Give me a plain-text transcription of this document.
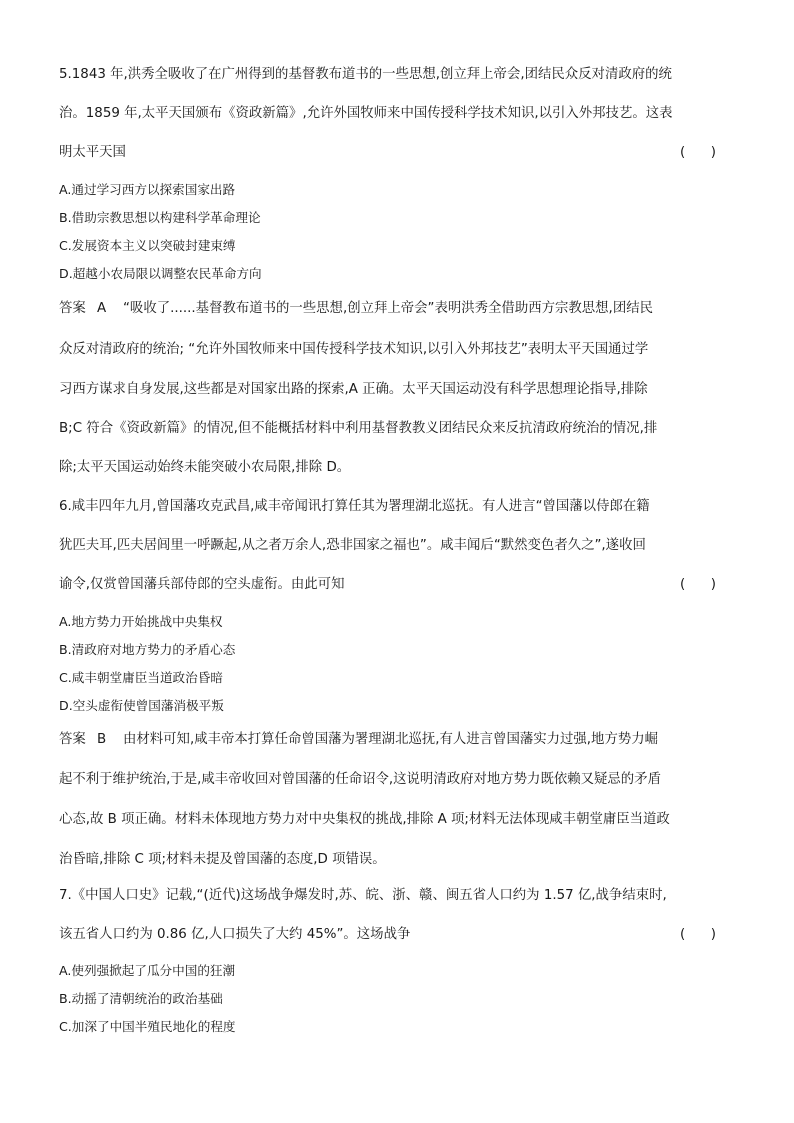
5.1843 年,洪秀全吸收了在广州得到的基督教布道书的一些思想,创立拜上帝会,团结民众反对清政府的统
治。1859 年,太平天国颁布《资政新篇》,允许外国牧师来中国传授科学技术知识,以引入外邦技艺。这表
明太平天国	(      )
A.通过学习西方以探索国家出路
B.借助宗教思想以构建科学革命理论
C.发展资本主义以突破封建束缚
D.超越小农局限以调整农民革命方向
答案 A “吸收了......基督教布道书的一些思想,创立拜上帝会”表明洪秀全借助西方宗教思想,团结民
众反对清政府的统治; “允许外国牧师来中国传授科学技术知识,以引入外邦技艺”表明太平天国通过学
习西方谋求自身发展,这些都是对国家出路的探索,A 正确。太平天国运动没有科学思想理论指导,排除
B;C 符合《资政新篇》的情况,但不能概括材料中利用基督教教义团结民众来反抗清政府统治的情况,排
除;太平天国运动始终未能突破小农局限,排除 D。
6.咸丰四年九月,曾国藩攻克武昌,咸丰帝闻讯打算任其为署理湖北巡抚。有人进言“曾国藩以侍郎在籍
犹匹夫耳,匹夫居闾里一呼蹶起,从之者万余人,恐非国家之福也”。咸丰闻后“默然变色者久之”,遂收回
谕令,仅赏曾国藩兵部侍郎的空头虚衔。由此可知	(      )
A.地方势力开始挑战中央集权
B.清政府对地方势力的矛盾心态
C.咸丰朝堂庸臣当道政治昏暗
D.空头虚衔使曾国藩消极平叛
答案 B 由材料可知,咸丰帝本打算任命曾国藩为署理湖北巡抚,有人进言曾国藩实力过强,地方势力崛
起不利于维护统治,于是,咸丰帝收回对曾国藩的任命诏令,这说明清政府对地方势力既依赖又疑忌的矛盾
心态,故 B 项正确。材料未体现地方势力对中央集权的挑战,排除 A 项;材料无法体现咸丰朝堂庸臣当道政
治昏暗,排除 C 项;材料未提及曾国藩的态度,D 项错误。
7.《中国人口史》记载,“(近代)这场战争爆发时,苏、皖、浙、赣、闽五省人口约为 1.57 亿,战争结束时,
该五省人口约为 0.86 亿,人口损失了大约 45%”。这场战争	(      )
A.使列强掀起了瓜分中国的狂潮
B.动摇了清朝统治的政治基础
C.加深了中国半殖民地化的程度
